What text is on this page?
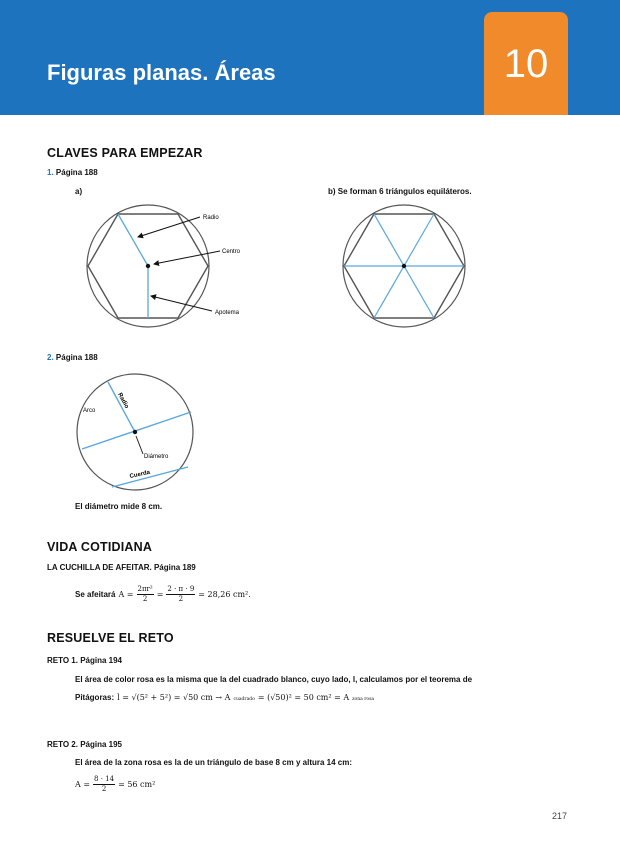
Figuras planas. Áreas	10
CLAVES PARA EMPEZAR
1. Página 188
a)	b) Se forman 6 triángulos equiláteros.
Radio
Centro
Apotema
2. Página 188
Arco
Radio
Diámetro
Cuerda
El diámetro mide 8 cm.
VIDA COTIDIANA
LA CUCHILLA DE AFEITAR. Página 189
Se afeitará $A = \frac{\text{2πr²}}{2} = \frac{2 \cdot \pi \cdot 9}{2} = 28,26$ cm².
RESUELVE EL RETO
RETO 1. Página 194
El área de color rosa es la misma que la del cuadrado blanco, cuyo lado, l, calculamos por el teorema de
Pitágoras: l = √(5² + 5²) = √50 cm → A cuadrado = (√50)² = 50 cm² = A zona rosa
RETO 2. Página 195
El área de la zona rosa es la de un triángulo de base 8 cm y altura 14 cm:
$A = \frac{8 \cdot 14}{2} = 56$ cm²
217
